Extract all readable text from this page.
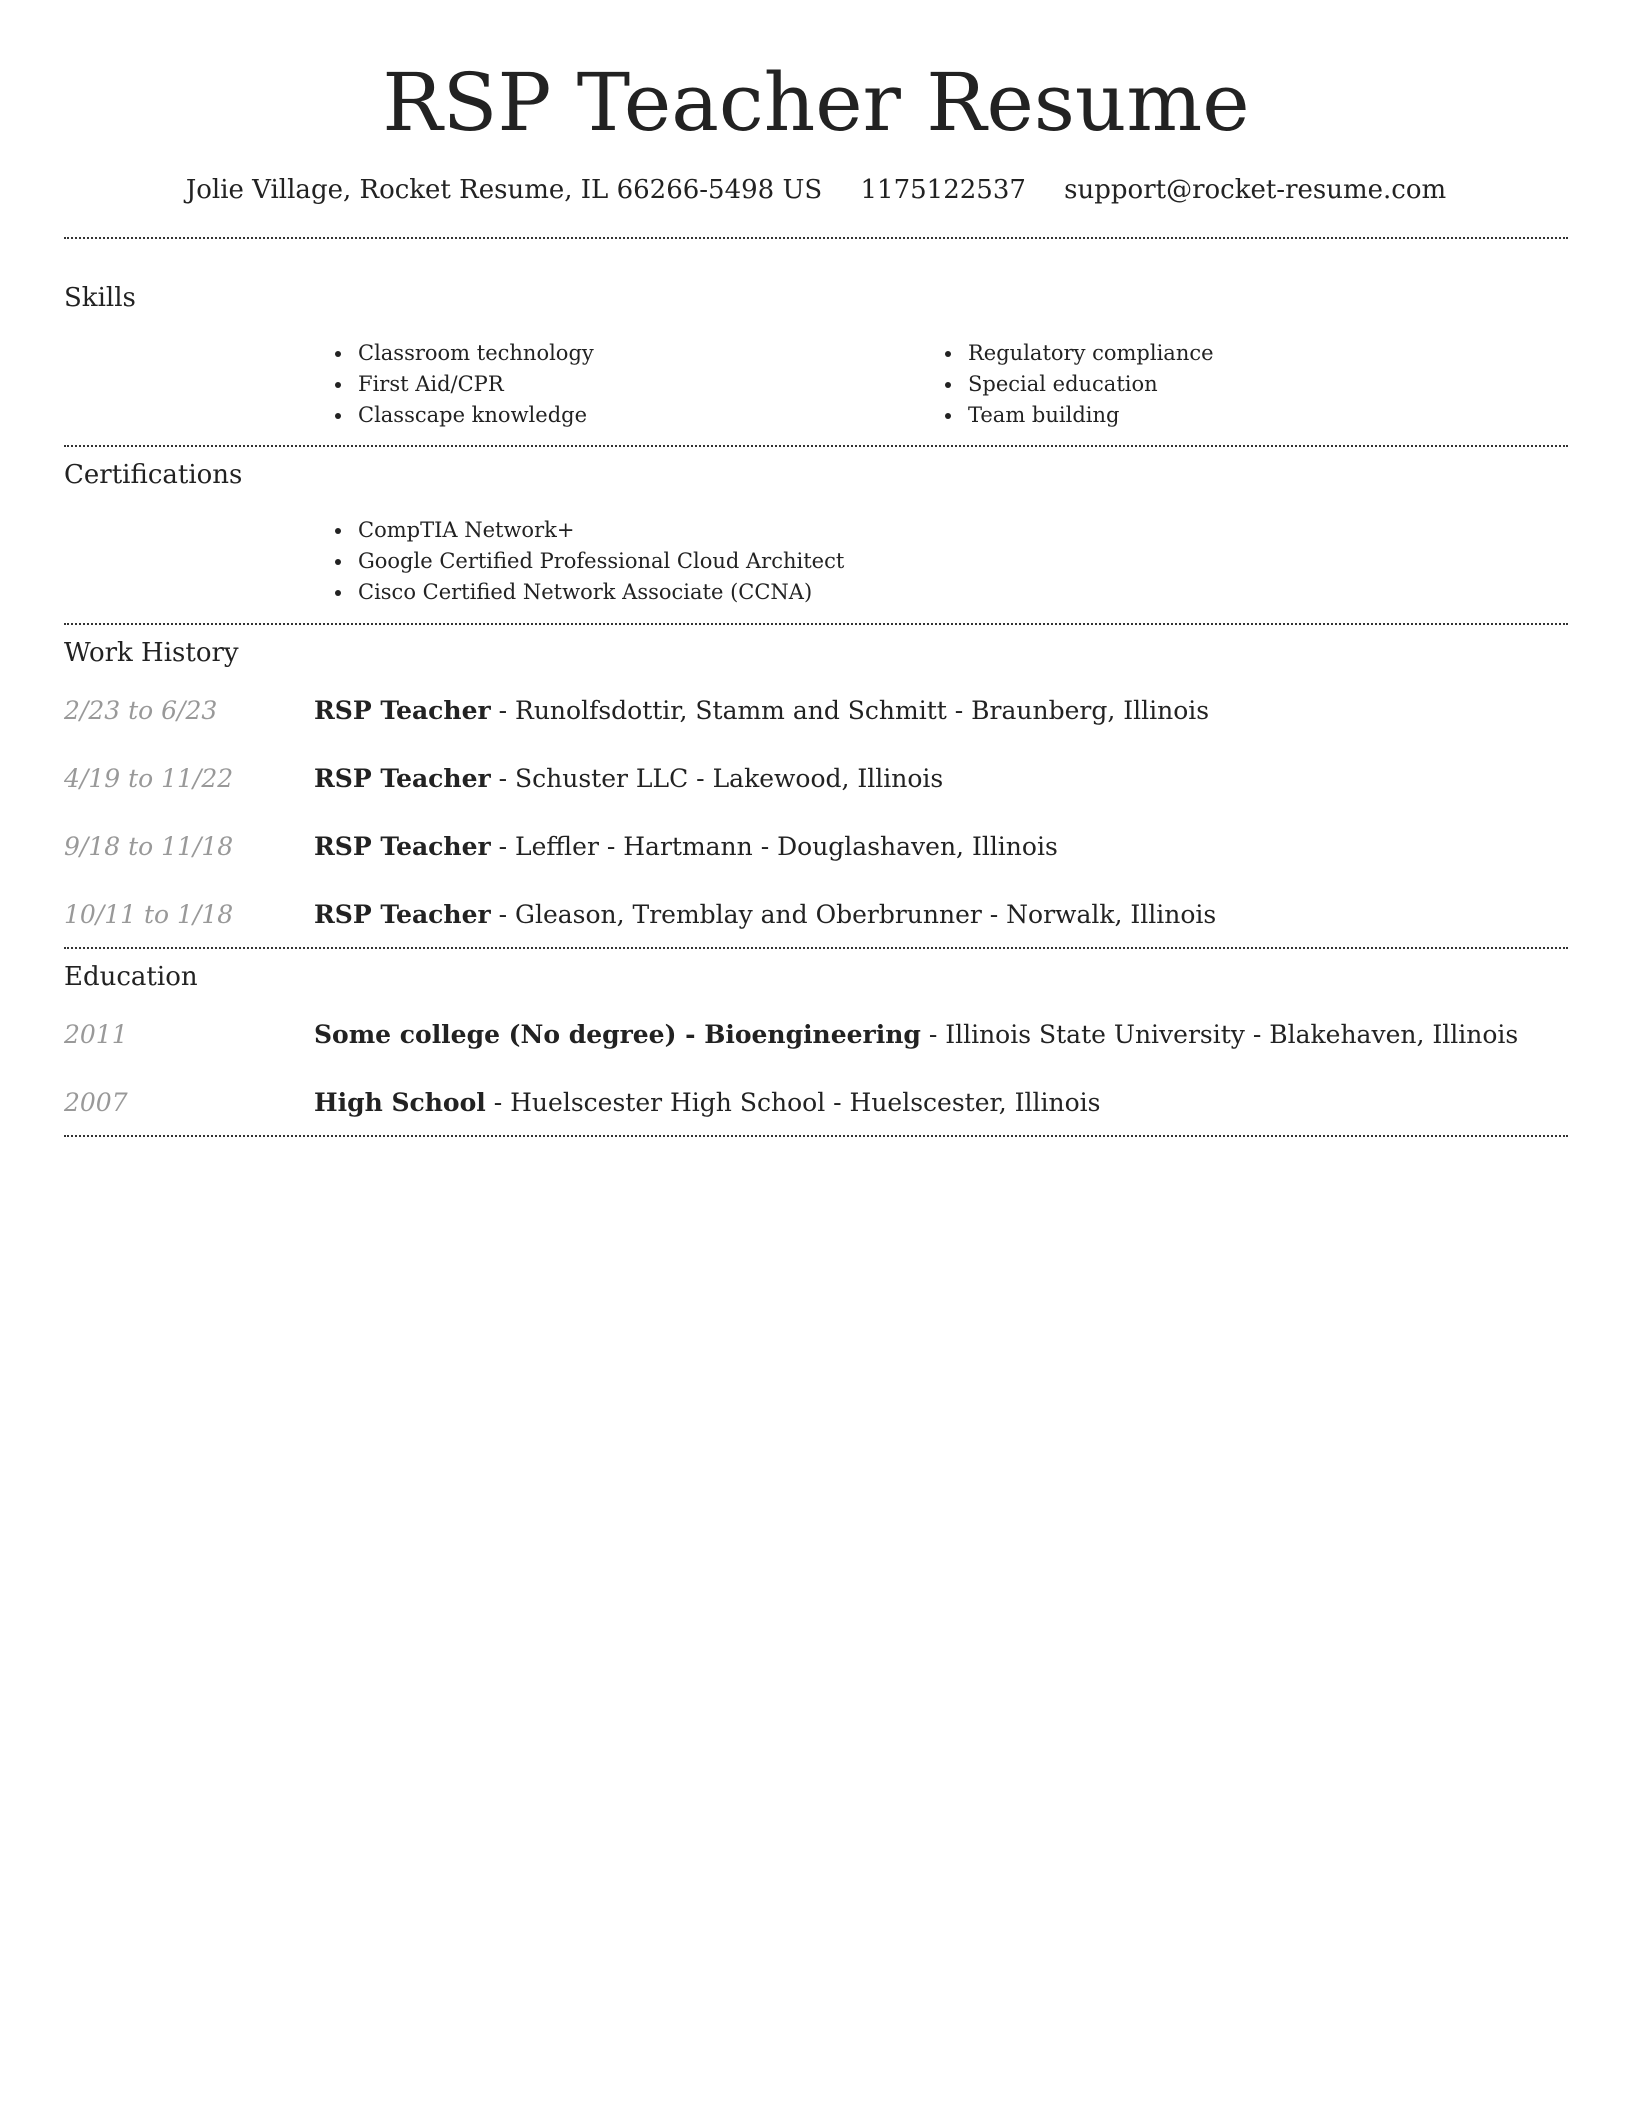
RSP Teacher Resume
Jolie Village, Rocket Resume, IL 66266-5498 US 1175122537 support@rocket-resume.com
Skills
• Classroom technology
• First Aid/CPR
• Classcape knowledge
• Regulatory compliance
• Special education
• Team building
Certifications
• CompTIA Network+
• Google Certified Professional Cloud Architect
• Cisco Certified Network Associate (CCNA)
Work History
2/23 to 6/23	RSP Teacher - Runolfsdottir, Stamm and Schmitt - Braunberg, Illinois
4/19 to 11/22	RSP Teacher - Schuster LLC - Lakewood, Illinois
9/18 to 11/18	RSP Teacher - Leffler - Hartmann - Douglashaven, Illinois
10/11 to 1/18	RSP Teacher - Gleason, Tremblay and Oberbrunner - Norwalk, Illinois
Education
2011	Some college (No degree) - Bioengineering - Illinois State University - Blakehaven, Illinois
2007	High School - Huelscester High School - Huelscester, Illinois
